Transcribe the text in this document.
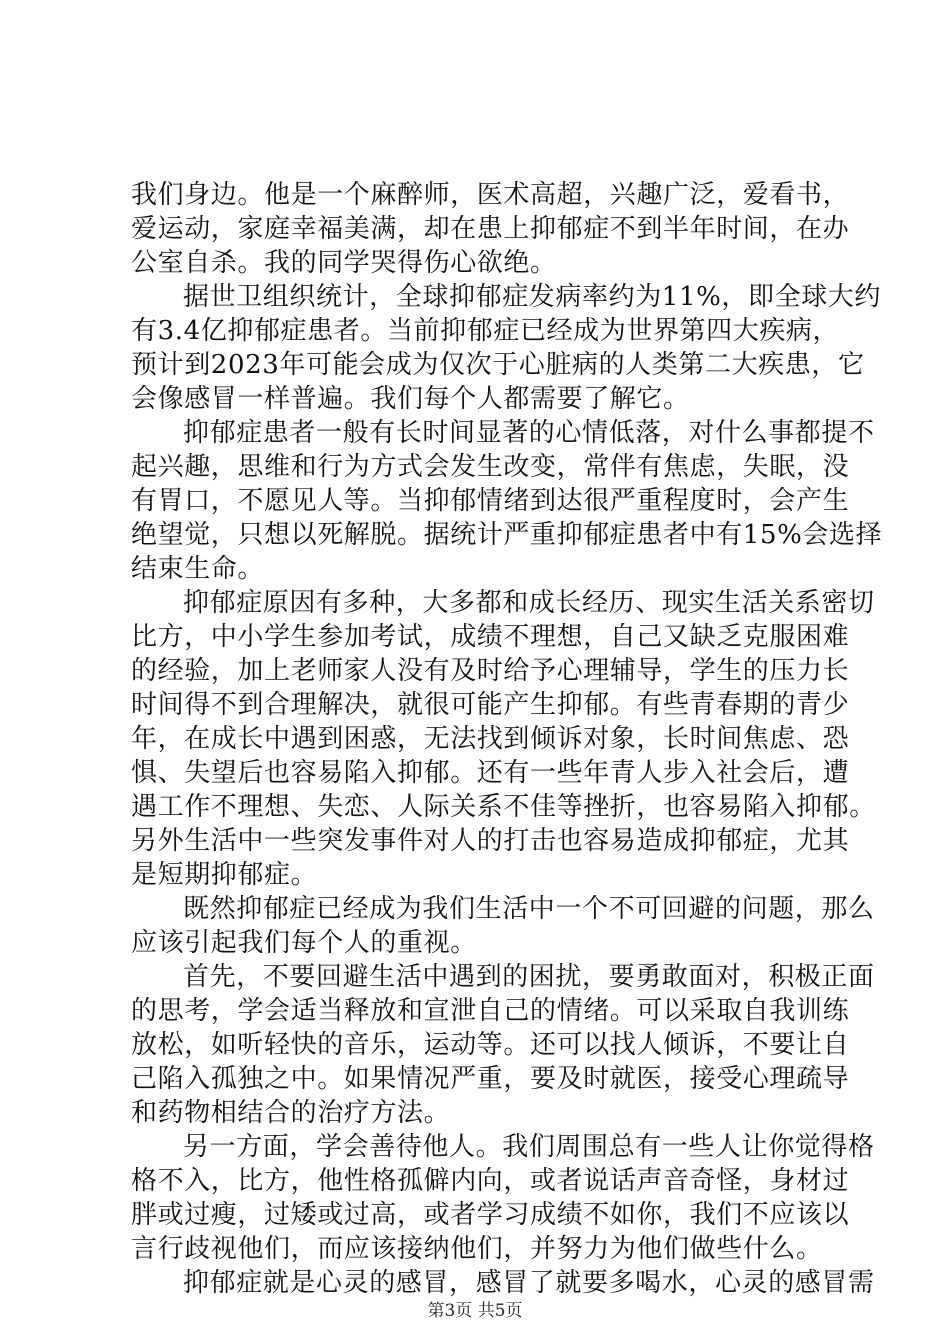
我们身边。他是一个麻醉师，医术高超，兴趣广泛，爱看书，
爱运动，家庭幸福美满，却在患上抑郁症不到半年时间，在办
公室自杀。我的同学哭得伤心欲绝。
据世卫组织统计，全球抑郁症发病率约为11%，即全球大约
有3.4亿抑郁症患者。当前抑郁症已经成为世界第四大疾病，
预计到2023年可能会成为仅次于心脏病的人类第二大疾患，它
会像感冒一样普遍。我们每个人都需要了解它。
抑郁症患者一般有长时间显著的心情低落，对什么事都提不
起兴趣，思维和行为方式会发生改变，常伴有焦虑，失眠，没
有胃口，不愿见人等。当抑郁情绪到达很严重程度时，会产生
绝望觉，只想以死解脱。据统计严重抑郁症患者中有15%会选择
结束生命。
抑郁症原因有多种，大多都和成长经历、现实生活关系密切
比方，中小学生参加考试，成绩不理想，自己又缺乏克服困难
的经验，加上老师家人没有及时给予心理辅导，学生的压力长
时间得不到合理解决，就很可能产生抑郁。有些青春期的青少
年，在成长中遇到困惑，无法找到倾诉对象，长时间焦虑、恐
惧、失望后也容易陷入抑郁。还有一些年青人步入社会后，遭
遇工作不理想、失恋、人际关系不佳等挫折，也容易陷入抑郁。
另外生活中一些突发事件对人的打击也容易造成抑郁症，尤其
是短期抑郁症。
既然抑郁症已经成为我们生活中一个不可回避的问题，那么
应该引起我们每个人的重视。
首先，不要回避生活中遇到的困扰，要勇敢面对，积极正面
的思考，学会适当释放和宣泄自己的情绪。可以采取自我训练
放松，如听轻快的音乐，运动等。还可以找人倾诉，不要让自
己陷入孤独之中。如果情况严重，要及时就医，接受心理疏导
和药物相结合的治疗方法。
另一方面，学会善待他人。我们周围总有一些人让你觉得格
格不入，比方，他性格孤僻内向，或者说话声音奇怪，身材过
胖或过瘦，过矮或过高，或者学习成绩不如你，我们不应该以
言行歧视他们，而应该接纳他们，并努力为他们做些什么。
抑郁症就是心灵的感冒，感冒了就要多喝水，心灵的感冒需
第3页 共5页
